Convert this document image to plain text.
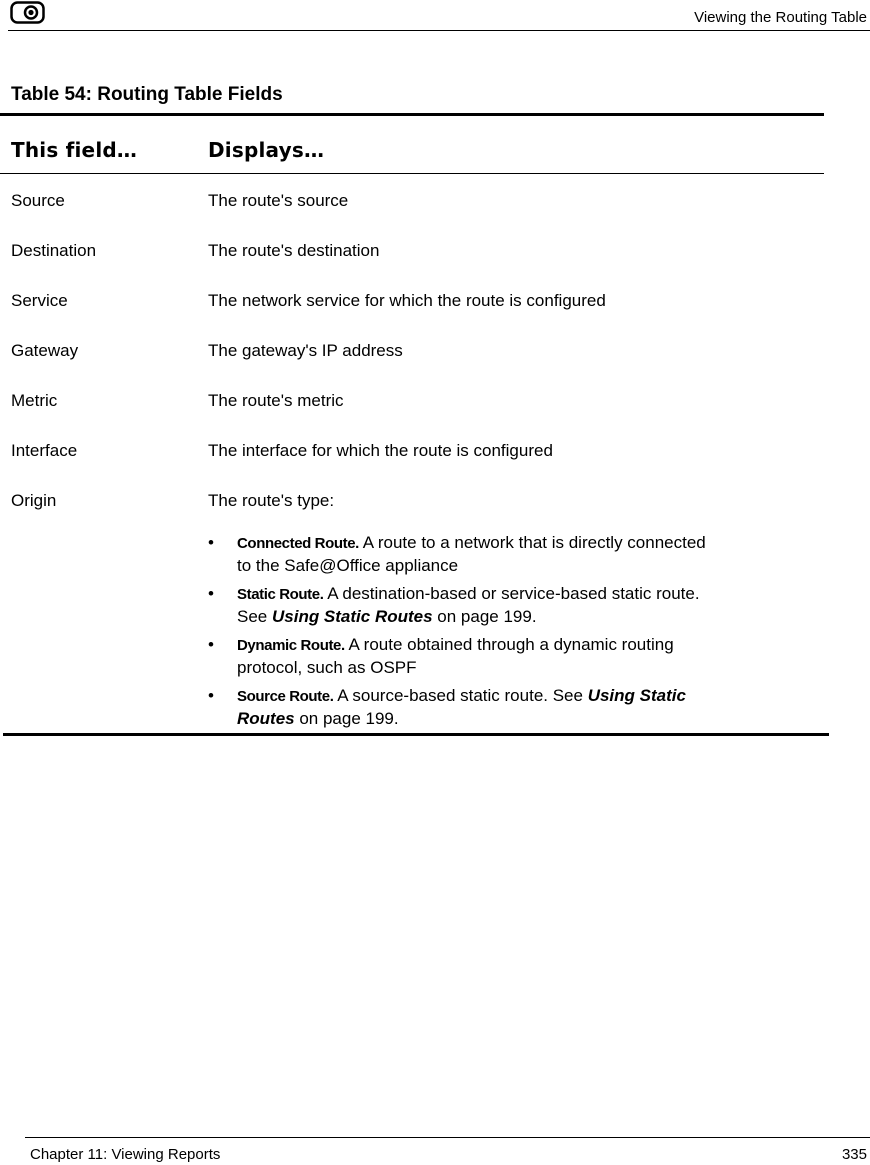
Viewing the Routing Table
Table 54: Routing Table Fields
This field…	Displays…
Source	The route's source
Destination	The route's destination
Service	The network service for which the route is configured
Gateway	The gateway's IP address
Metric	The route's metric
Interface	The interface for which the route is configured
Origin	The route's type:
• Connected Route. A route to a network that is directly connected
to the Safe@Office appliance
• Static Route. A destination-based or service-based static route.
See Using Static Routes on page 199.
• Dynamic Route. A route obtained through a dynamic routing
protocol, such as OSPF
• Source Route. A source-based static route. See Using Static
Routes on page 199.
Chapter 11: Viewing Reports	335
